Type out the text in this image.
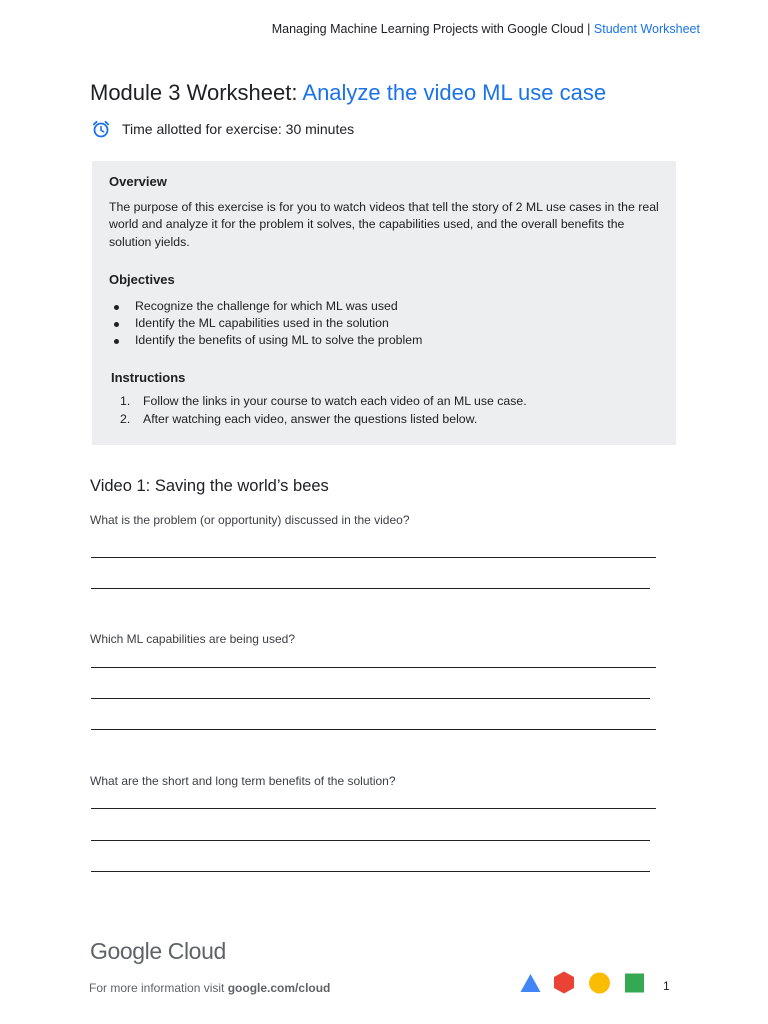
Managing Machine Learning Projects with Google Cloud | Student Worksheet
Module 3 Worksheet: Analyze the video ML use case
Time allotted for exercise: 30 minutes

Overview

The purpose of this exercise is for you to watch videos that tell the story of 2 ML use cases in the real world and analyze it for the problem it solves, the capabilities used, and the overall benefits the solution yields.

Objectives

Recognize the challenge for which ML was used
Identify the ML capabilities used in the solution
Identify the benefits of using ML to solve the problem

Instructions

1.	Follow the links in your course to watch each video of an ML use case.
2.	After watching each video, answer the questions listed below.
Video 1: Saving the world’s bees
What is the problem (or opportunity) discussed in the video?
Which ML capabilities are being used?
What are the short and long term benefits of the solution?
Google Cloud
For more information visit google.com/cloud	1
